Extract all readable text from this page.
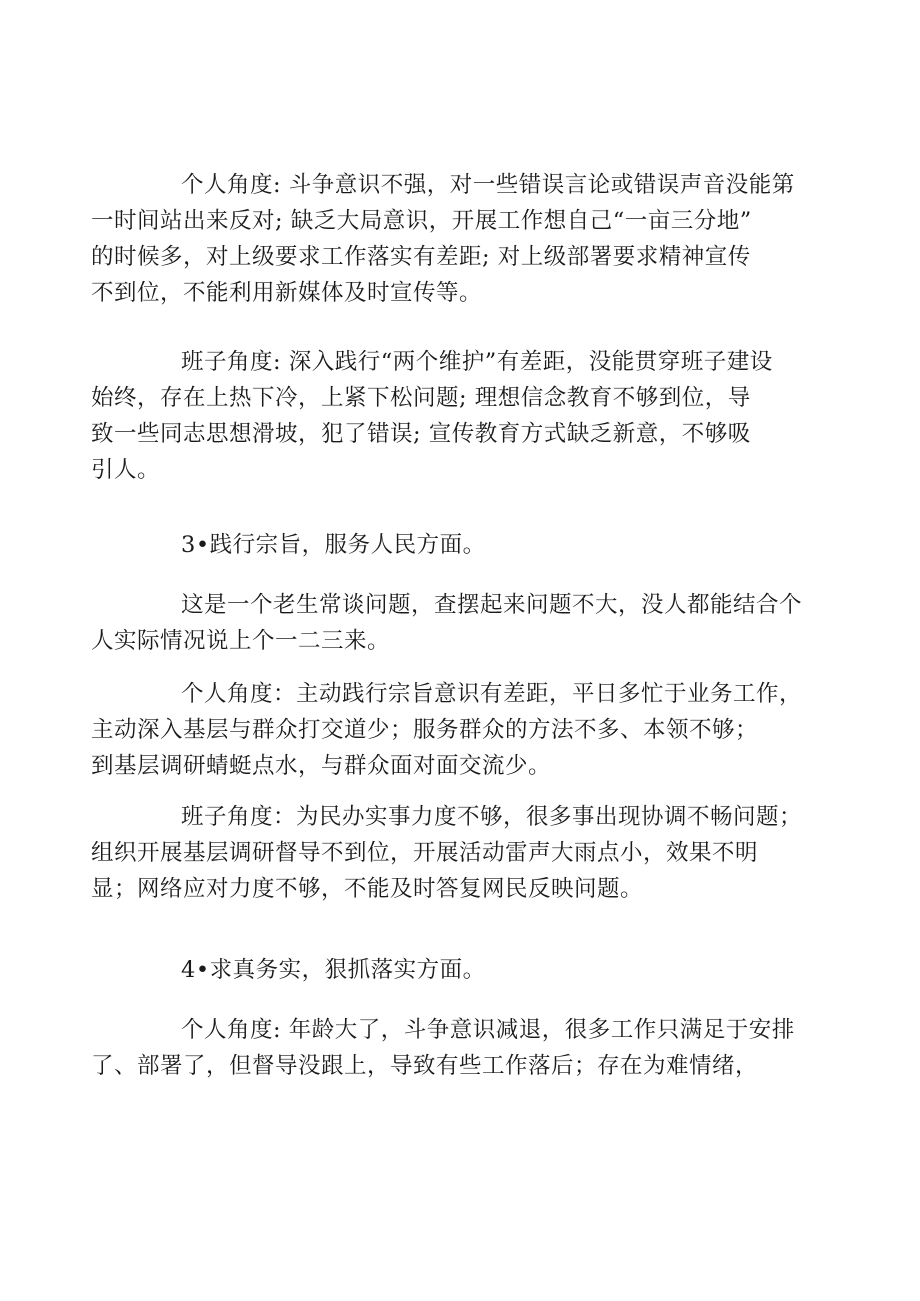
个人角度: 斗争意识不强，对一些错误言论或错误声音没能第
一时间站出来反对; 缺乏大局意识，开展工作想自己“一亩三分地”
的时候多，对上级要求工作落实有差距; 对上级部署要求精神宣传
不到位，不能利用新媒体及时宣传等。

班子角度: 深入践行“两个维护”有差距，没能贯穿班子建设
始终，存在上热下冷，上紧下松问题; 理想信念教育不够到位，导
致一些同志思想滑坡，犯了错误; 宣传教育方式缺乏新意，不够吸
引人。

3•践行宗旨，服务人民方面。

这是一个老生常谈问题，查摆起来问题不大，没人都能结合个
人实际情况说上个一二三来。

个人角度：主动践行宗旨意识有差距，平日多忙于业务工作，
主动深入基层与群众打交道少；服务群众的方法不多、本领不够；
到基层调研蜻蜓点水，与群众面对面交流少。

班子角度：为民办实事力度不够，很多事出现协调不畅问题；
组织开展基层调研督导不到位，开展活动雷声大雨点小，效果不明
显；网络应对力度不够，不能及时答复网民反映问题。

4•求真务实，狠抓落实方面。

个人角度: 年龄大了，斗争意识减退，很多工作只满足于安排
了、部署了，但督导没跟上，导致有些工作落后；存在为难情绪，
